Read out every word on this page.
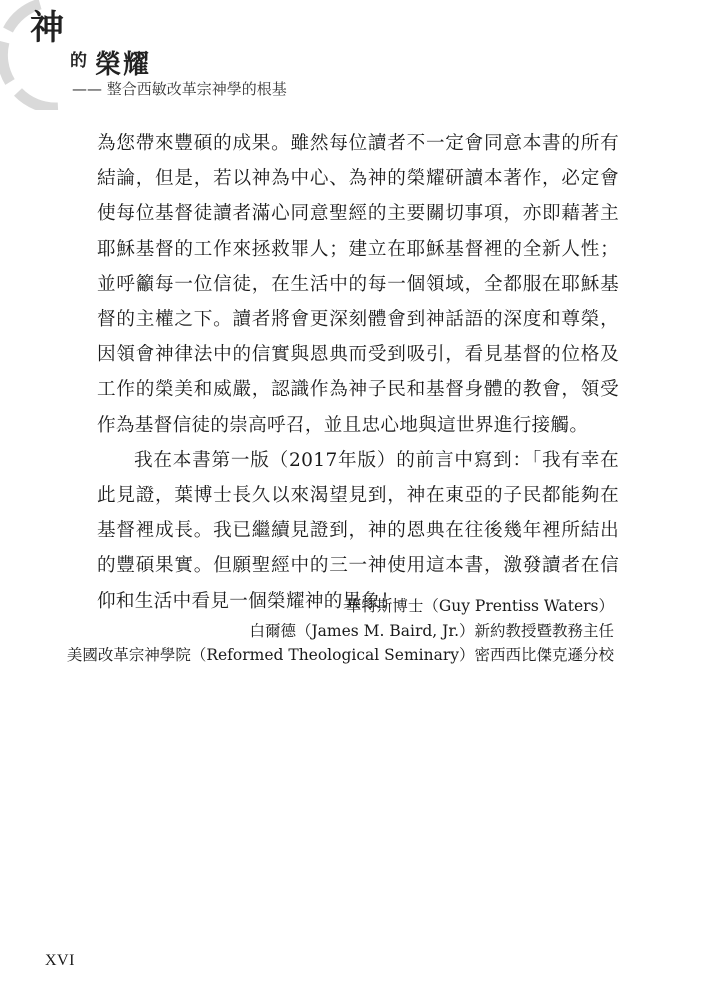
神
的 榮耀
—— 整合西敏改革宗神學的根基

為您帶來豐碩的成果。雖然每位讀者不一定會同意本書的所有結論，但是，若以神為中心、為神的榮耀研讀本著作，必定會使每位基督徒讀者滿心同意聖經的主要關切事項，亦即藉著主耶穌基督的工作來拯救罪人；建立在耶穌基督裡的全新人性；並呼籲每一位信徒，在生活中的每一個領域，全都服在耶穌基督的主權之下。讀者將會更深刻體會到神話語的深度和尊榮，因領會神律法中的信實與恩典而受到吸引，看見基督的位格及工作的榮美和威嚴，認識作為神子民和基督身體的教會，領受作為基督信徒的崇高呼召，並且忠心地與這世界進行接觸。

我在本書第一版（2017年版）的前言中寫到：「我有幸在此見證，葉博士長久以來渴望見到，神在東亞的子民都能夠在基督裡成長。我已繼續見證到，神的恩典在往後幾年裡所結出的豐碩果實。但願聖經中的三一神使用這本書，激發讀者在信仰和生活中看見一個榮耀神的異象！

華特斯博士（Guy Prentiss Waters）
白爾德（James M. Baird, Jr.）新約教授暨教務主任
美國改革宗神學院（Reformed Theological Seminary）密西西比傑克遜分校
XVI
